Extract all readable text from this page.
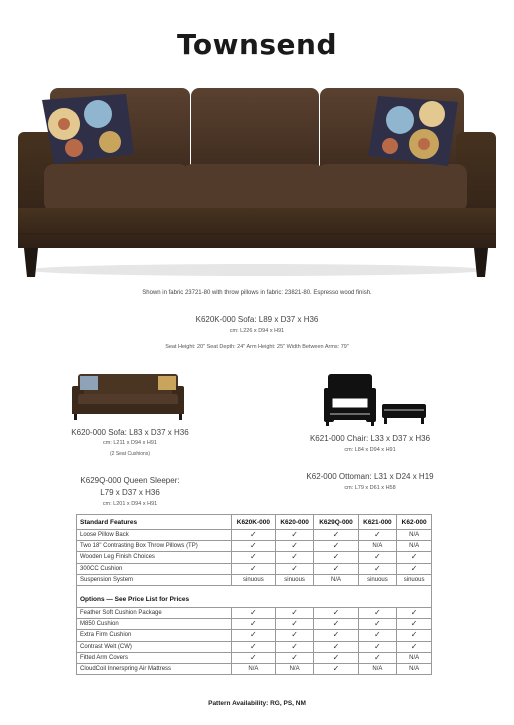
Townsend
Shown in fabric 23721-80 with throw pillows in fabric: 23821-80. Espresso wood finish.
K620K-000 Sofa: L89 x D37 x H36
cm: L226 x D94 x H91
Seat Height: 20" Seat Depth: 24" Arm Height: 25" Width Between Arms: 79"
K620-000 Sofa: L83 x D37 x H36
cm: L211 x D94 x H91
(2 Seat Cushions)
K629Q-000 Queen Sleeper:
L79 x D37 x H36
cm: L201 x D94 x H91
K621-000 Chair: L33 x D37 x H36
cm: L84 x D94 x H91
K62-000 Ottoman: L31 x D24 x H19
cm: L79 x D61 x H58
Standard Features	K620K-000	K620-000	K629Q-000	K621-000	K62-000
Loose Pillow Back	✓	✓	✓	✓	N/A
Two 18" Contrasting Box Throw Pillows (TP)	✓	✓	✓	N/A	N/A
Wooden Leg Finish Choices	✓	✓	✓	✓	✓
300CC Cushion	✓	✓	✓	✓	✓
Suspension System	sinuous	sinuous	N/A	sinuous	sinuous

Options — See Price List for Prices					
Feather Soft Cushion Package	✓	✓	✓	✓	✓
M850 Cushion	✓	✓	✓	✓	✓
Extra Firm Cushion	✓	✓	✓	✓	✓
Contrast Welt (CW)	✓	✓	✓	✓	✓
Fitted Arm Covers	✓	✓	✓	✓	N/A
CloudCoil Innerspring Air Mattress	N/A	N/A	✓	N/A	N/A
Pattern Availability: RG, PS, NM
